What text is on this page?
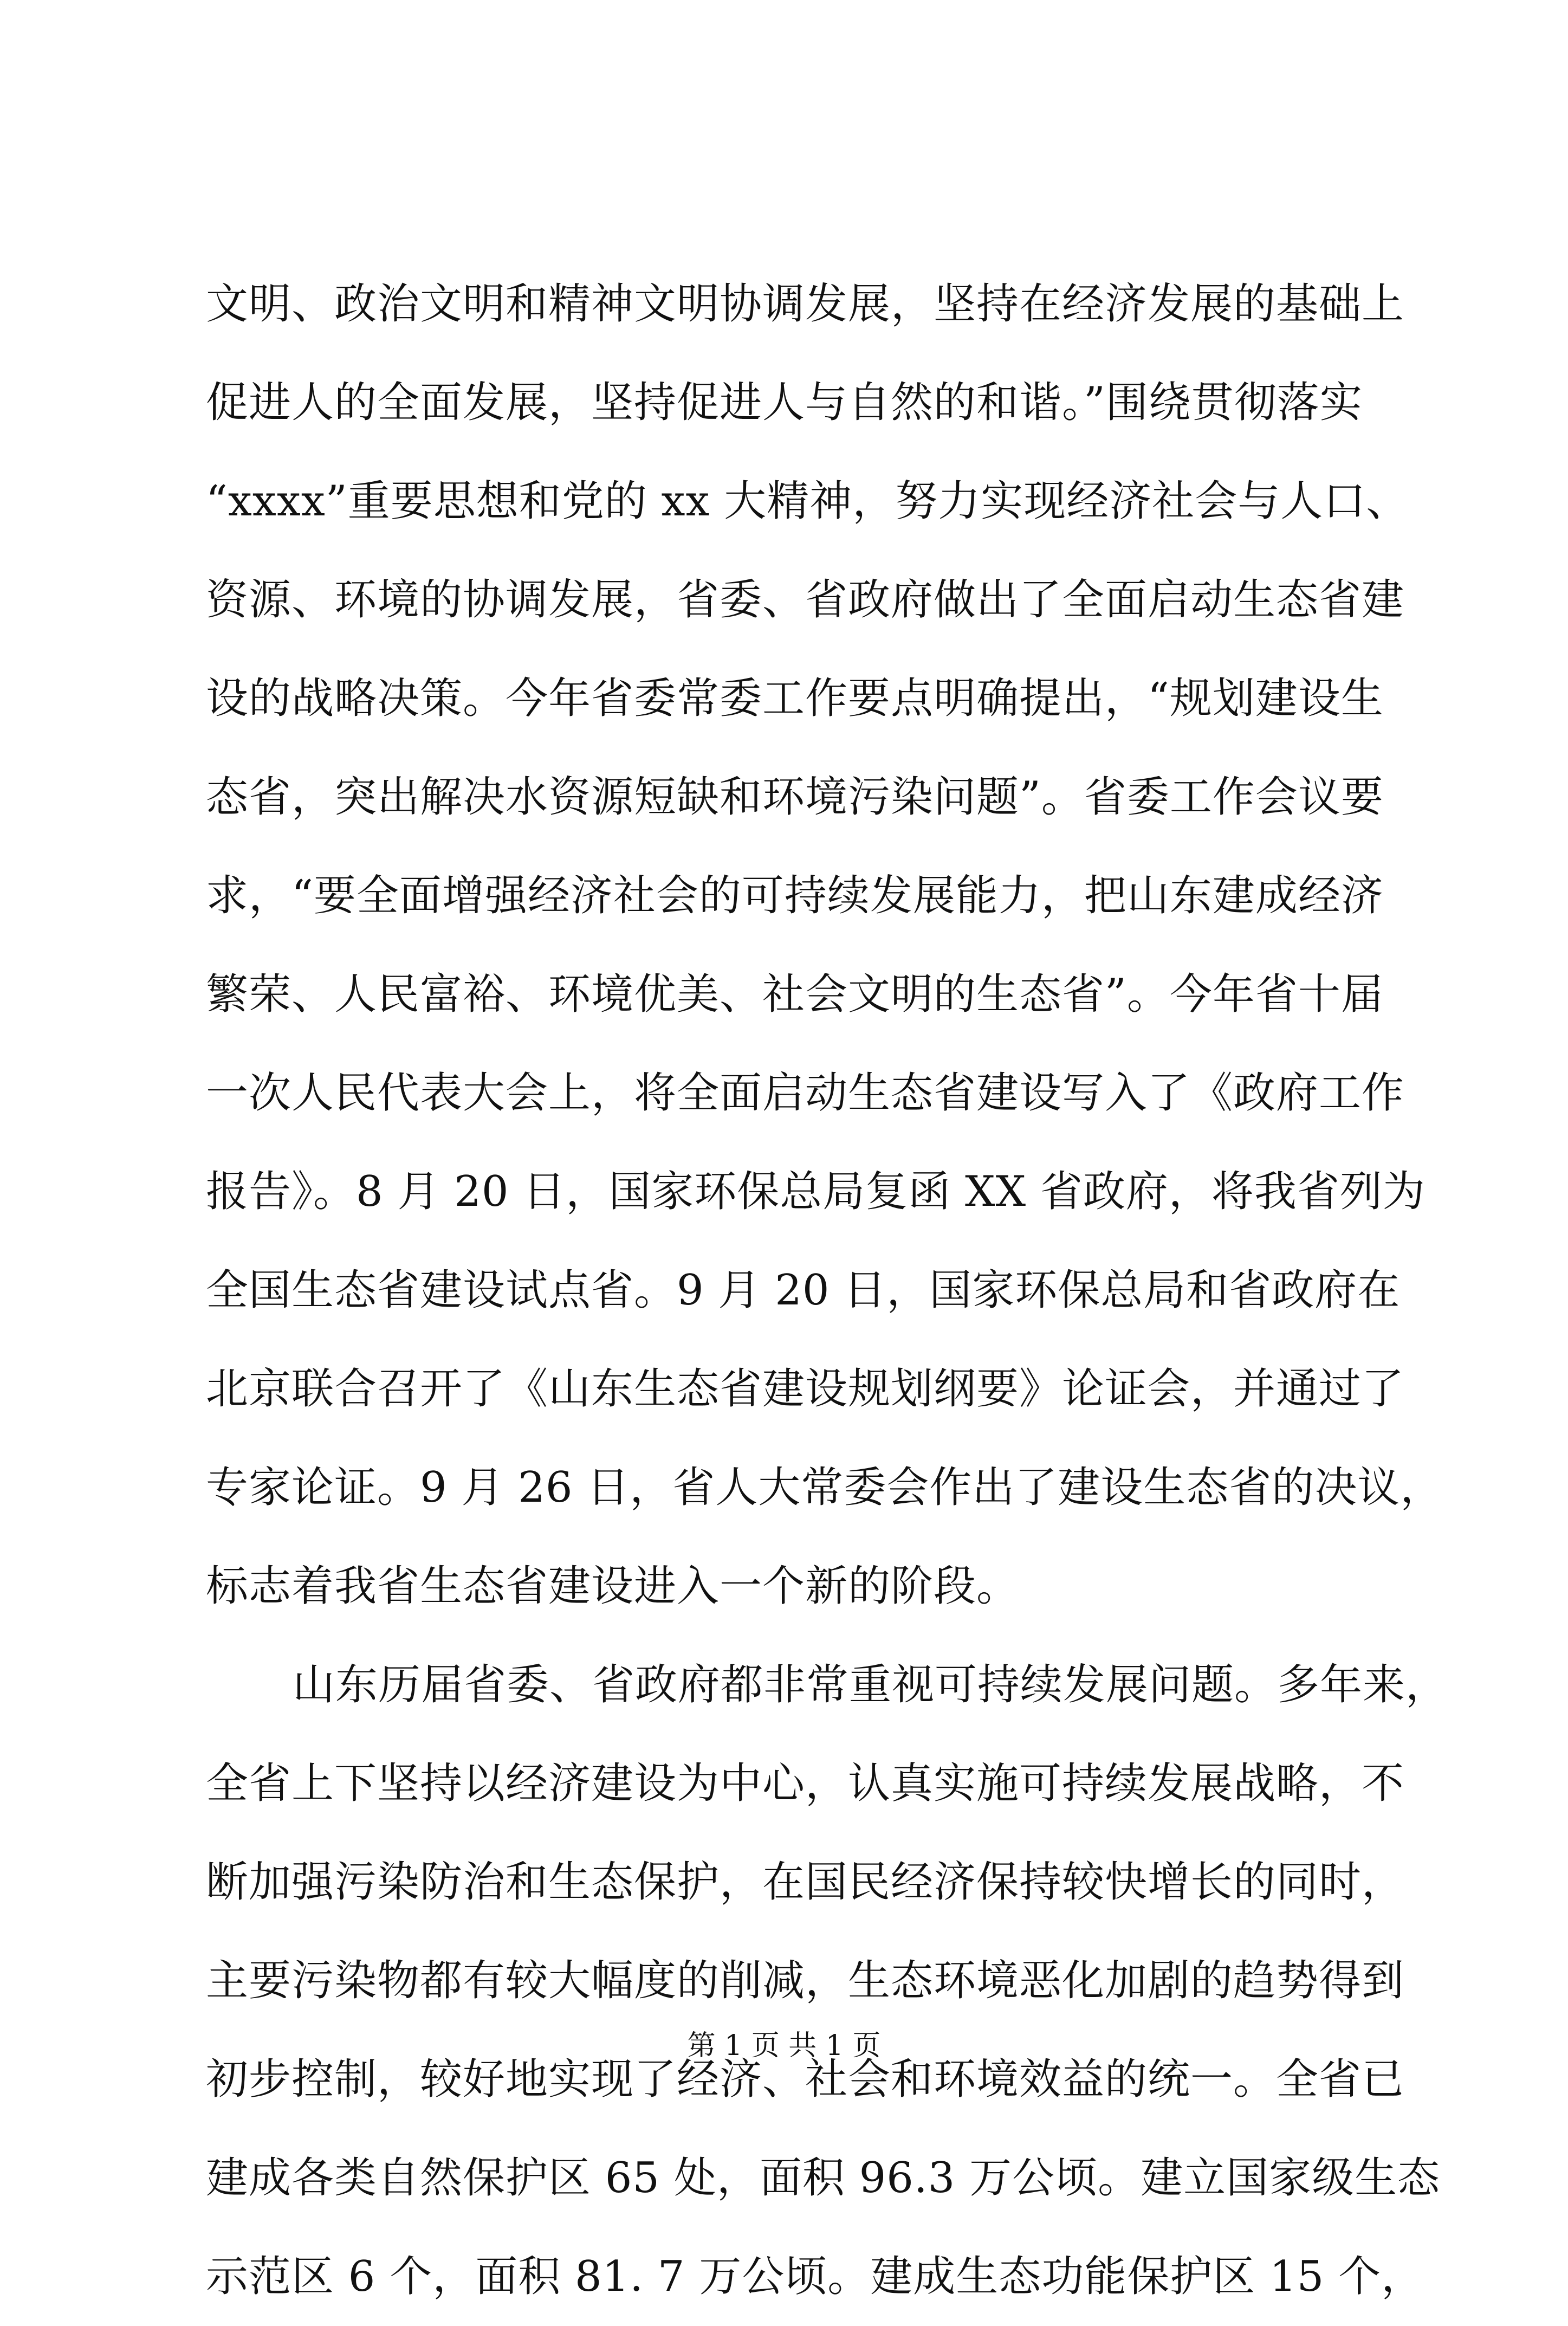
文明、政治文明和精神文明协调发展，坚持在经济发展的基础上
促进人的全面发展，坚持促进人与自然的和谐。”围绕贯彻落实
“xxxx”重要思想和党的 xx 大精神，努力实现经济社会与人口、
资源、环境的协调发展，省委、省政府做出了全面启动生态省建
设的战略决策。今年省委常委工作要点明确提出，“规划建设生
态省，突出解决水资源短缺和环境污染问题”。省委工作会议要
求，“要全面增强经济社会的可持续发展能力，把山东建成经济
繁荣、人民富裕、环境优美、社会文明的生态省”。今年省十届
一次人民代表大会上，将全面启动生态省建设写入了《政府工作
报告》。8 月 20 日，国家环保总局复函 XX 省政府，将我省列为
全国生态省建设试点省。9 月 20 日，国家环保总局和省政府在
北京联合召开了《山东生态省建设规划纲要》论证会，并通过了
专家论证。9 月 26 日，省人大常委会作出了建设生态省的决议，
标志着我省生态省建设进入一个新的阶段。
山东历届省委、省政府都非常重视可持续发展问题。多年来，
全省上下坚持以经济建设为中心，认真实施可持续发展战略，不
断加强污染防治和生态保护，在国民经济保持较快增长的同时，
主要污染物都有较大幅度的削减，生态环境恶化加剧的趋势得到
初步控制，较好地实现了经济、社会和环境效益的统一。全省已
建成各类自然保护区 65 处，面积 96.3 万公顷。建立国家级生态
示范区 6 个，面积 81. 7 万公顷。建成生态功能保护区 15 个，
第 1 页 共 1 页
